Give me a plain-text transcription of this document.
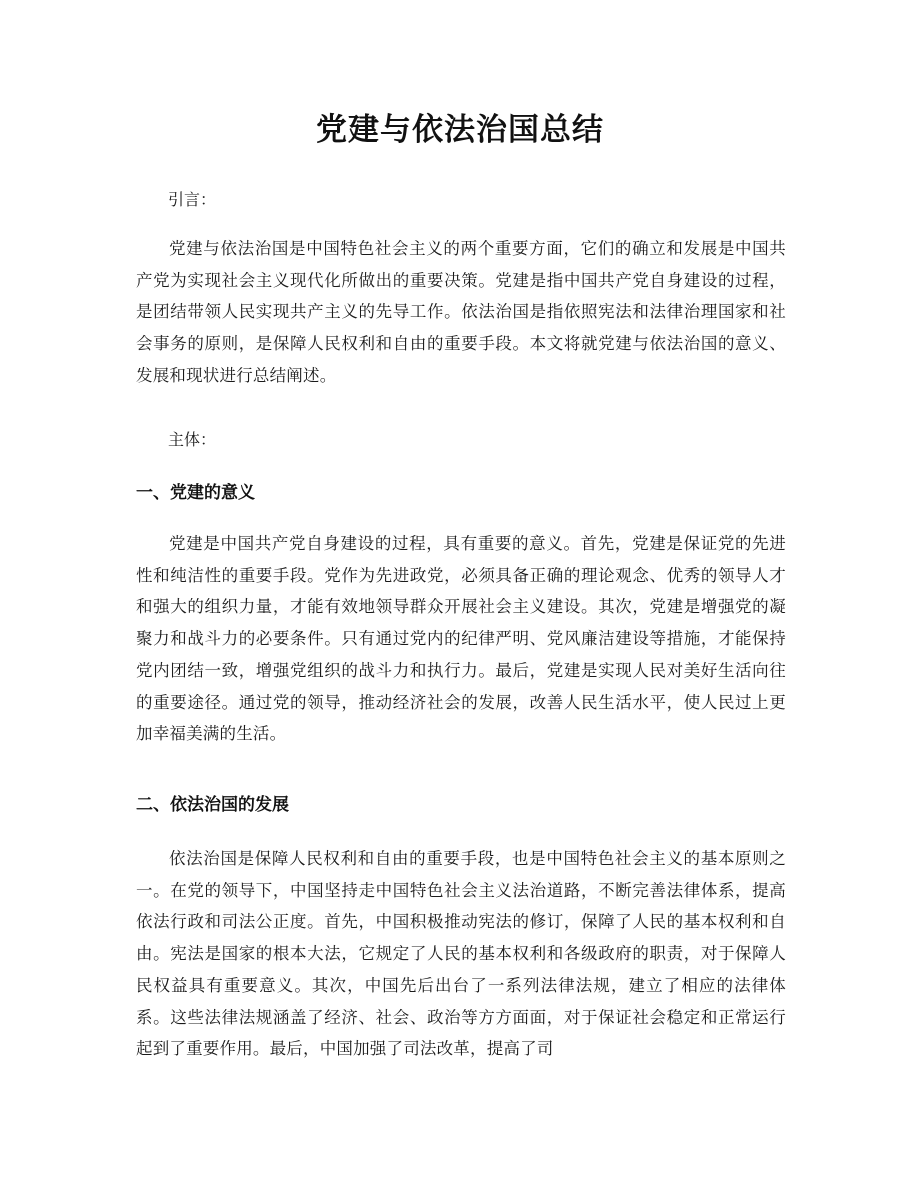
党建与依法治国总结
引言：
党建与依法治国是中国特色社会主义的两个重要方面，它们的确立和发展是中国共产党为实现社会主义现代化所做出的重要决策。党建是指中国共产党自身建设的过程，是团结带领人民实现共产主义的先导工作。依法治国是指依照宪法和法律治理国家和社会事务的原则，是保障人民权利和自由的重要手段。本文将就党建与依法治国的意义、发展和现状进行总结阐述。
主体：
一、党建的意义
党建是中国共产党自身建设的过程，具有重要的意义。首先，党建是保证党的先进性和纯洁性的重要手段。党作为先进政党，必须具备正确的理论观念、优秀的领导人才和强大的组织力量，才能有效地领导群众开展社会主义建设。其次，党建是增强党的凝聚力和战斗力的必要条件。只有通过党内的纪律严明、党风廉洁建设等措施，才能保持党内团结一致，增强党组织的战斗力和执行力。最后，党建是实现人民对美好生活向往的重要途径。通过党的领导，推动经济社会的发展，改善人民生活水平，使人民过上更加幸福美满的生活。
二、依法治国的发展
依法治国是保障人民权利和自由的重要手段，也是中国特色社会主义的基本原则之一。在党的领导下，中国坚持走中国特色社会主义法治道路，不断完善法律体系，提高依法行政和司法公正度。首先，中国积极推动宪法的修订，保障了人民的基本权利和自由。宪法是国家的根本大法，它规定了人民的基本权利和各级政府的职责，对于保障人民权益具有重要意义。其次，中国先后出台了一系列法律法规，建立了相应的法律体系。这些法律法规涵盖了经济、社会、政治等方方面面，对于保证社会稳定和正常运行起到了重要作用。最后，中国加强了司法改革，提高了司
